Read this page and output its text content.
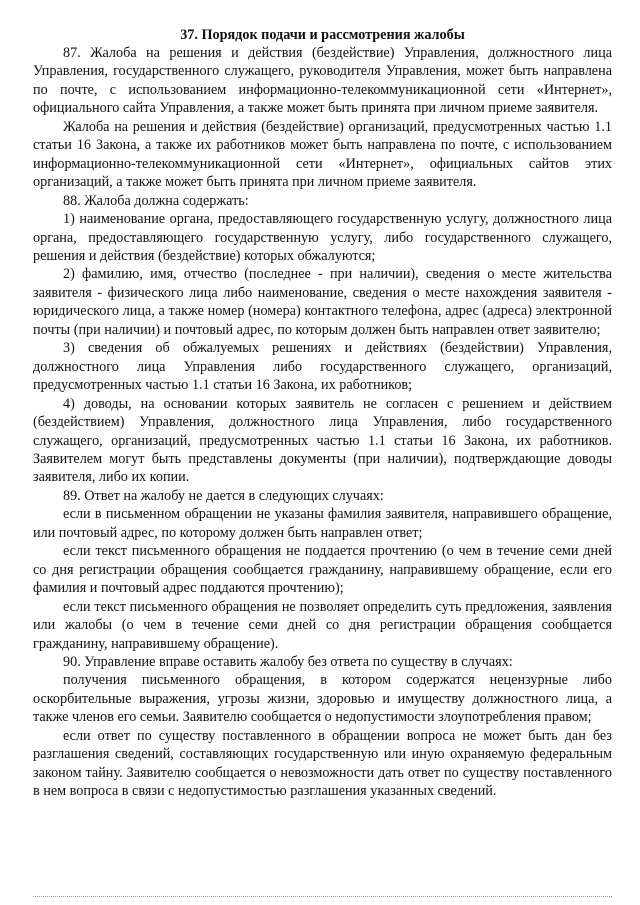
37. Порядок подачи и рассмотрения жалобы

87. Жалоба на решения и действия (бездействие) Управления, должностного лица Управления, государственного служащего, руководителя Управления, может быть направлена по почте, с использованием информационно-телекоммуникационной сети «Интернет», официального сайта Управления, а также может быть принята при личном приеме заявителя.

Жалоба на решения и действия (бездействие) организаций, предусмотренных частью 1.1 статьи 16 Закона, а также их работников может быть направлена по почте, с использованием информационно-телекоммуникационной сети «Интернет», официальных сайтов этих организаций, а также может быть принята при личном приеме заявителя.

88. Жалоба должна содержать:

1) наименование органа, предоставляющего государственную услугу, должностного лица органа, предоставляющего государственную услугу, либо государственного служащего, решения и действия (бездействие) которых обжалуются;

2) фамилию, имя, отчество (последнее - при наличии), сведения о месте жительства заявителя - физического лица либо наименование, сведения о месте нахождения заявителя - юридического лица, а также номер (номера) контактного телефона, адрес (адреса) электронной почты (при наличии) и почтовый адрес, по которым должен быть направлен ответ заявителю;

3) сведения об обжалуемых решениях и действиях (бездействии) Управления, должностного лица Управления либо государственного служащего, организаций, предусмотренных частью 1.1 статьи 16 Закона, их работников;

4) доводы, на основании которых заявитель не согласен с решением и действием (бездействием) Управления, должностного лица Управления, либо государственного служащего, организаций, предусмотренных частью 1.1 статьи 16 Закона, их работников. Заявителем могут быть представлены документы (при наличии), подтверждающие доводы заявителя, либо их копии.

89. Ответ на жалобу не дается в следующих случаях:

если в письменном обращении не указаны фамилия заявителя, направившего обращение, или почтовый адрес, по которому должен быть направлен ответ;

если текст письменного обращения не поддается прочтению (о чем в течение семи дней со дня регистрации обращения сообщается гражданину, направившему обращение, если его фамилия и почтовый адрес поддаются прочтению);

если текст письменного обращения не позволяет определить суть предложения, заявления или жалобы (о чем в течение семи дней со дня регистрации обращения сообщается гражданину, направившему обращение).

90. Управление вправе оставить жалобу без ответа по существу в случаях:

получения письменного обращения, в котором содержатся нецензурные либо оскорбительные выражения, угрозы жизни, здоровью и имуществу должностного лица, а также членов его семьи. Заявителю сообщается о недопустимости злоупотребления правом;

если ответ по существу поставленного в обращении вопроса не может быть дан без разглашения сведений, составляющих государственную или иную охраняемую федеральным законом тайну. Заявителю сообщается о невозможности дать ответ по существу поставленного в нем вопроса в связи с недопустимостью разглашения указанных сведений.
